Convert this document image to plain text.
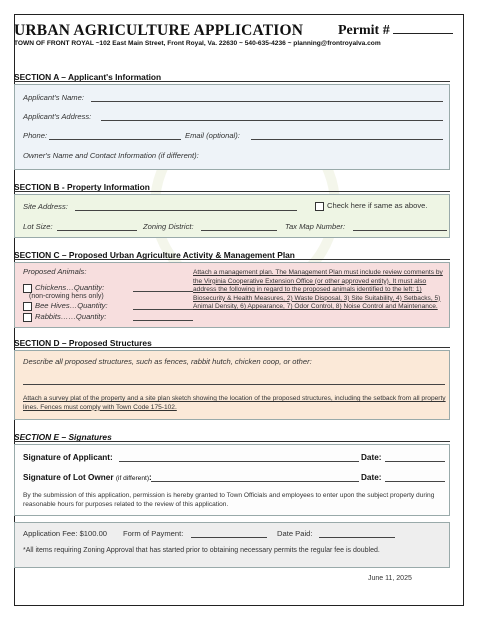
URBAN AGRICULTURE APPLICATION Permit #
TOWN OF FRONT ROYAL ~102 East Main Street, Front Royal, Va. 22630 ~ 540-635-4236 ~ planning@frontroyalva.com
SECTION A – Applicant's Information
Applicant's Name:
Applicant's Address:
Phone:	Email (optional):
Owner's Name and Contact Information (if different):
SECTION B - Property Information
Site Address:	Check here if same as above.
Lot Size:	Zoning District:	Tax Map Number:
SECTION C – Proposed Urban Agriculture Activity & Management Plan
Proposed Animals:
Chickens…Quantity:
(non-crowing hens only)
Bee Hives…Quantity:
Rabbits……Quantity:
Attach a management plan. The Management Plan must include review comments by the Virginia Cooperative Extension Office (or other approved entity). It must also address the following in regard to the proposed animals identified to the left: 1) Biosecurity & Health Measures, 2) Waste Disposal, 3) Site Suitability, 4) Setbacks, 5) Animal Density, 6) Appearance, 7) Odor Control, 8) Noise Control and Maintenance.
SECTION D – Proposed Structures
Describe all proposed structures, such as fences, rabbit hutch, chicken coop, or other:
Attach a survey plat of the property and a site plan sketch showing the location of the proposed structures, including the setback from all property lines. Fences must comply with Town Code 175-102.
SECTION E – Signatures
Signature of Applicant:	Date:
Signature of Lot Owner (if different):	Date:
By the submission of this application, permission is hereby granted to Town Officials and employees to enter upon the subject property during reasonable hours for purposes related to the review of this application.
Application Fee: $100.00 Form of Payment:	Date Paid:
*All items requiring Zoning Approval that has started prior to obtaining necessary permits the regular fee is doubled.
June 11, 2025
